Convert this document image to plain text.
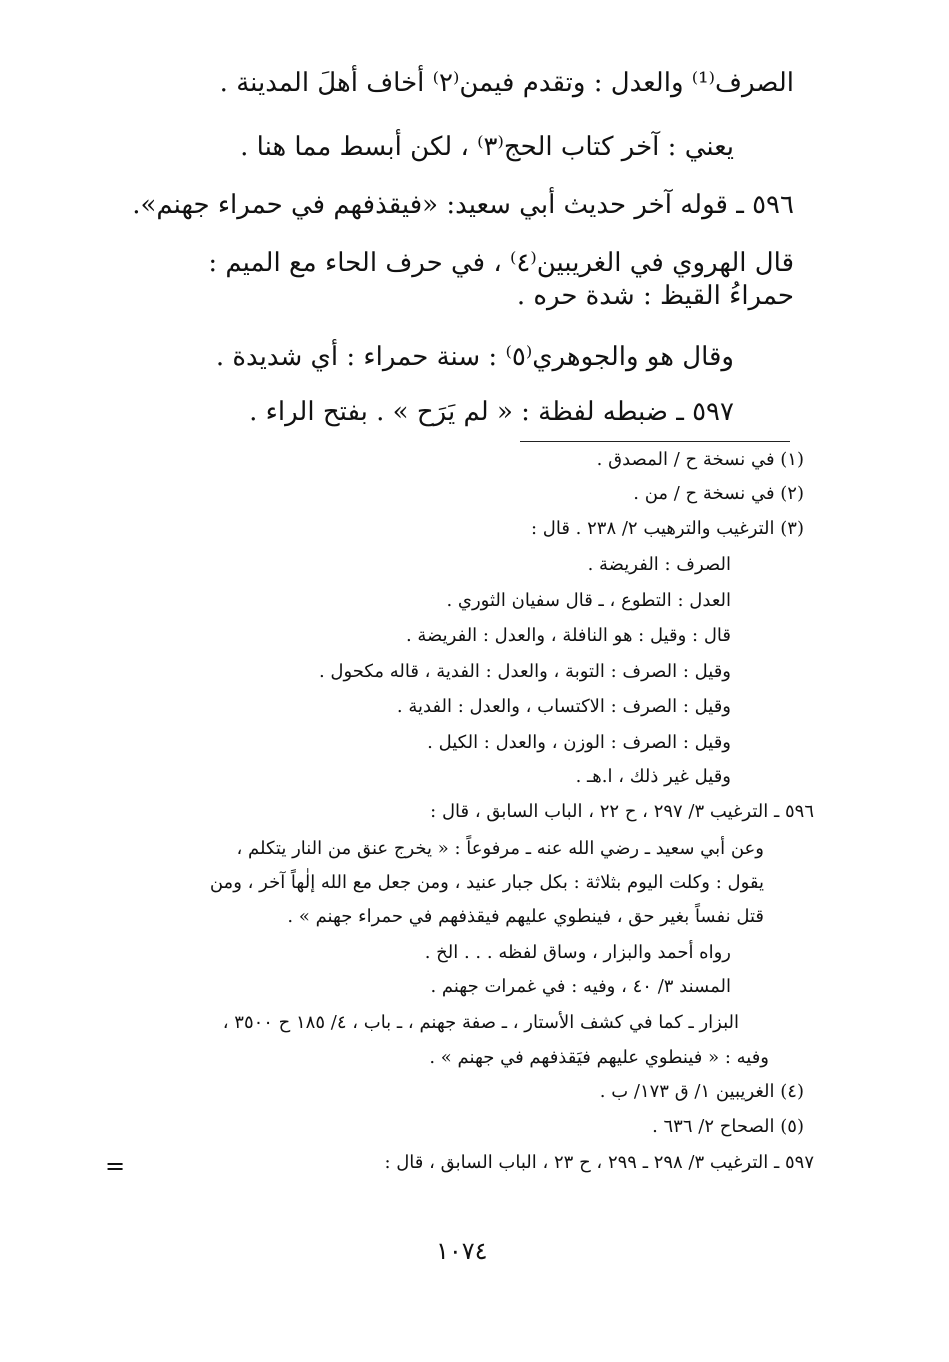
الصرف⁽¹⁾ والعدل : وتقدم فيمن⁽٢⁾ أخاف أهلَ المدينة .
يعني : آخر كتاب الحج⁽٣⁾ ، لكن أبسط مما هنا .
٥٩٦ ـ قوله آخر حديث أبي سعيد: «فيقذفهم في حمراء جهنم».
قال الهروي في الغريبين⁽٤⁾ ، في حرف الحاء مع الميم :
حمراءُ القيظ : شدة حره .
وقال هو والجوهري⁽٥⁾ : سنة حمراء : أي شديدة .
٥٩٧ ـ ضبطه لفظة : « لم يَرَح » . بفتح الراء .
(١) في نسخة ح / المصدق .
(٢) في نسخة ح / من .
(٣) الترغيب والترهيب ٢/ ٢٣٨ . قال :
الصرف : الفريضة .
العدل : التطوع ، ـ قال سفيان الثوري .
قال : وقيل : هو النافلة ، والعدل : الفريضة .
وقيل : الصرف : التوبة ، والعدل : الفدية ، قاله مكحول .
وقيل : الصرف : الاكتساب ، والعدل : الفدية .
وقيل : الصرف : الوزن ، والعدل : الكيل .
وقيل غير ذلك ، ا.هـ .
٥٩٦ ـ الترغيب ٣/ ٢٩٧ ، ح ٢٢ ، الباب السابق ، قال :
وعن أبي سعيد ـ رضي الله عنه ـ مرفوعاً : « يخرج عنق من النار يتكلم ،
يقول : وكلت اليوم بثلاثة : بكل جبار عنيد ، ومن جعل مع الله إلٰهاً آخر ، ومن
قتل نفساً بغير حق ، فينطوي عليهم فيقذفهم في حمراء جهنم » .
رواه أحمد والبزار ، وساق لفظه . . . الخ .
المسند ٣/ ٤٠ ، وفيه : في غمرات جهنم .
البزار ـ كما في كشف الأستار ، ـ صفة جهنم ، ـ باب ، ٤/ ١٨٥ ح ٣٥٠٠ ،
وفيه : « فينطوي عليهم فيَقذفهم في جهنم » .
(٤) الغريبين ١/ ق ١٧٣/ ب .
(٥) الصحاح ٢/ ٦٣٦ .
٥٩٧ ـ الترغيب ٣/ ٢٩٨ ـ ٢٩٩ ، ح ٢٣ ، الباب السابق ، قال :
=
١٠٧٤
